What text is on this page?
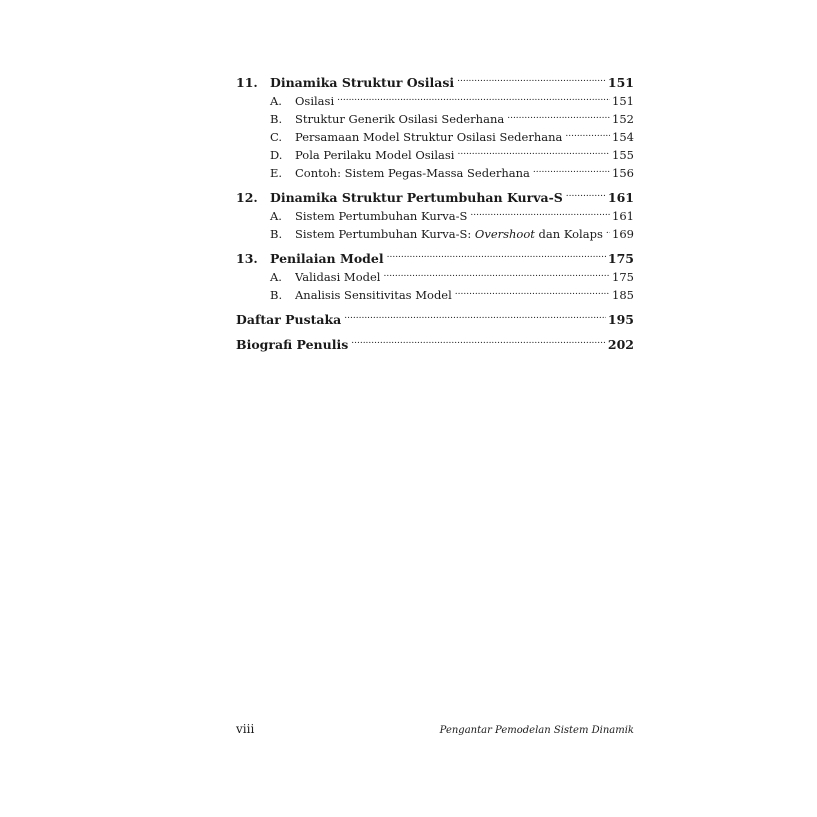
11. Dinamika Struktur Osilasi .....	151
A.	Osilasi .....	151
B.	Struktur Generik Osilasi Sederhana .....	152
C.	Persamaan Model Struktur Osilasi Sederhana .....	154
D.	Pola Perilaku Model Osilasi .....	155
E.	Contoh: Sistem Pegas-Massa Sederhana .....	156
12. Dinamika Struktur Pertumbuhan Kurva-S .....	161
A.	Sistem Pertumbuhan Kurva-S .....	161
B.	Sistem Pertumbuhan Kurva-S: Overshoot dan Kolaps ..... 169
13. Penilaian Model .....	175
A.	Validasi Model .....	175
B.	Analisis Sensitivitas Model .....	185
Daftar Pustaka .....	195
Biografi Penulis .....	202
viii	Pengantar Pemodelan Sistem Dinamik
